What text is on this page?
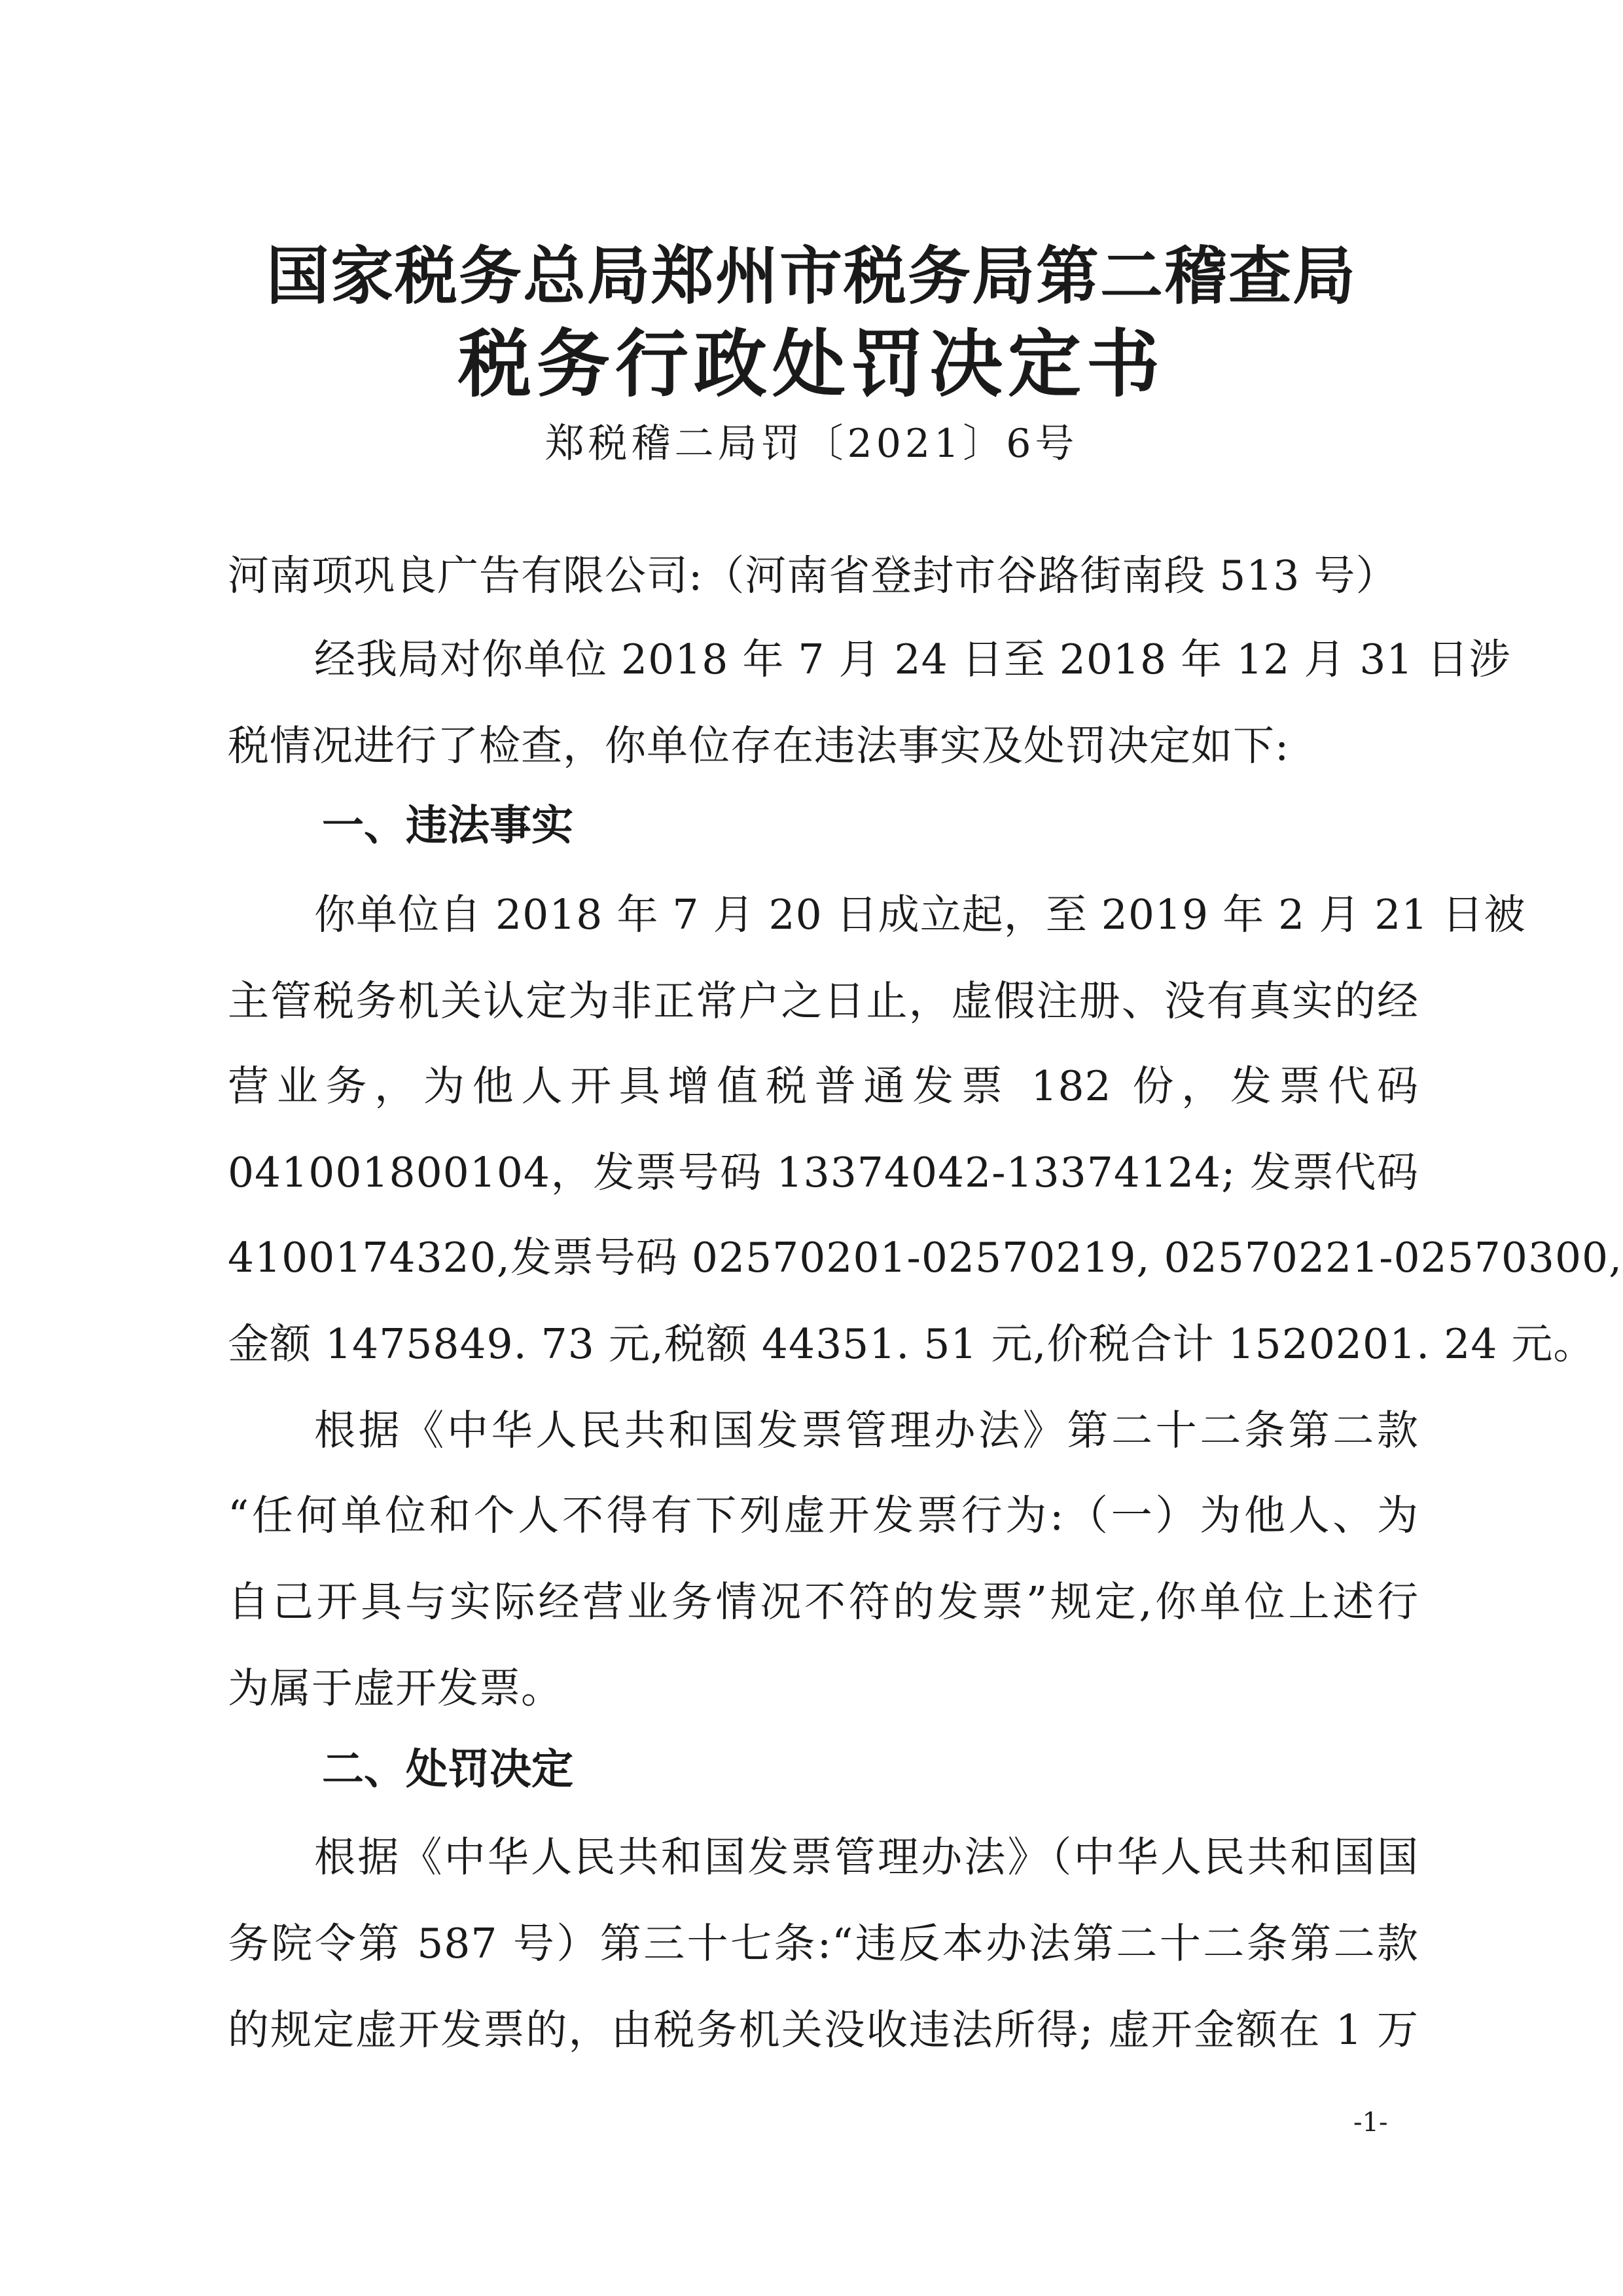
国家税务总局郑州市税务局第二稽查局
税务行政处罚决定书
郑税稽二局罚〔2021〕6号
河南项巩良广告有限公司:（河南省登封市谷路街南段 513 号）
经我局对你单位 2018 年 7 月 24 日至 2018 年 12 月 31 日涉
税情况进行了检查，你单位存在违法事实及处罚决定如下:
一、违法事实
你单位自 2018 年 7 月 20 日成立起，至 2019 年 2 月 21 日被
主管税务机关认定为非正常户之日止，虚假注册、没有真实的经
营业务，为他人开具增值税普通发票 182 份，发票代码
041001800104，发票号码 13374042-13374124; 发票代码
4100174320,发票号码 02570201-02570219, 02570221-02570300,
金额 1475849. 73 元,税额 44351. 51 元,价税合计 1520201. 24 元。
根据《中华人民共和国发票管理办法》第二十二条第二款
“任何单位和个人不得有下列虚开发票行为:（一）为他人、为
自己开具与实际经营业务情况不符的发票”规定,你单位上述行
为属于虚开发票。
二、处罚决定
根据《中华人民共和国发票管理办法》（中华人民共和国国
务院令第 587 号）第三十七条:“违反本办法第二十二条第二款
的规定虚开发票的，由税务机关没收违法所得; 虚开金额在 1 万
-1-
